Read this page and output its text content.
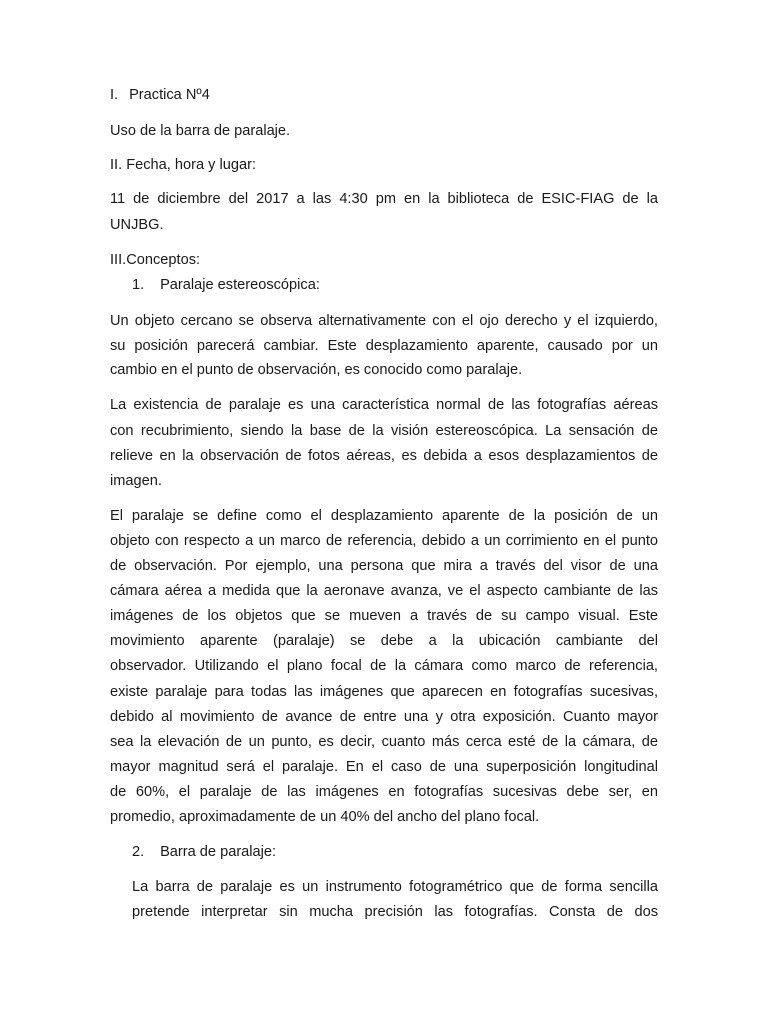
I. Practica Nº4
Uso de la barra de paralaje.
II. Fecha, hora y lugar:
11 de diciembre del 2017 a las 4:30 pm en la biblioteca de ESIC-FIAG de la
UNJBG.
III.Conceptos:
1. Paralaje estereoscópica:
Un objeto cercano se observa alternativamente con el ojo derecho y el izquierdo,
su posición parecerá cambiar. Este desplazamiento aparente, causado por un
cambio en el punto de observación, es conocido como paralaje.
La existencia de paralaje es una característica normal de las fotografías aéreas
con recubrimiento, siendo la base de la visión estereoscópica. La sensación de
relieve en la observación de fotos aéreas, es debida a esos desplazamientos de
imagen.
El paralaje se define como el desplazamiento aparente de la posición de un
objeto con respecto a un marco de referencia, debido a un corrimiento en el punto
de observación. Por ejemplo, una persona que mira a través del visor de una
cámara aérea a medida que la aeronave avanza, ve el aspecto cambiante de las
imágenes de los objetos que se mueven a través de su campo visual. Este
movimiento aparente (paralaje) se debe a la ubicación cambiante del
observador. Utilizando el plano focal de la cámara como marco de referencia,
existe paralaje para todas las imágenes que aparecen en fotografías sucesivas,
debido al movimiento de avance de entre una y otra exposición. Cuanto mayor
sea la elevación de un punto, es decir, cuanto más cerca esté de la cámara, de
mayor magnitud será el paralaje. En el caso de una superposición longitudinal
de 60%, el paralaje de las imágenes en fotografías sucesivas debe ser, en
promedio, aproximadamente de un 40% del ancho del plano focal.
2. Barra de paralaje:
La barra de paralaje es un instrumento fotogramétrico que de forma sencilla
pretende interpretar sin mucha precisión las fotografías. Consta de dos
